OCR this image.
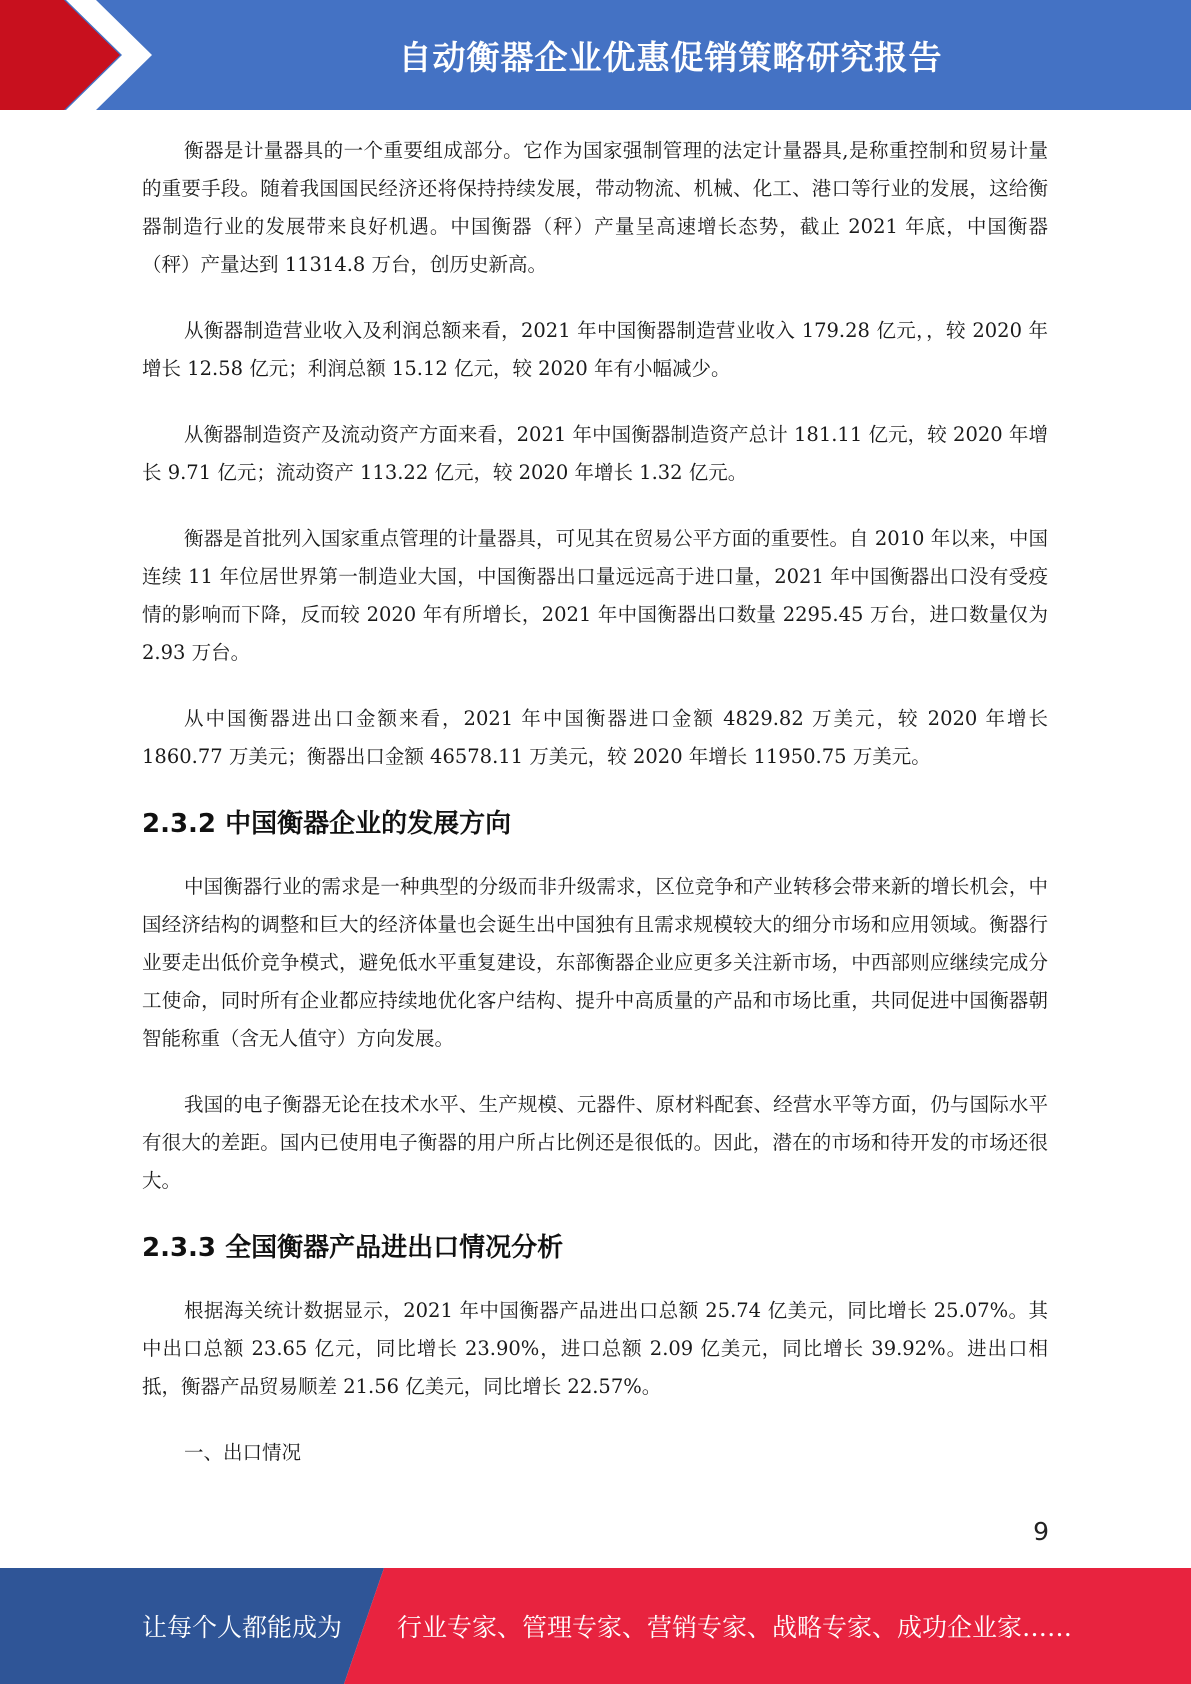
自动衡器企业优惠促销策略研究报告

衡器是计量器具的一个重要组成部分。它作为国家强制管理的法定计量器具,是称重控制和贸易计量的重要手段。随着我国国民经济还将保持持续发展，带动物流、机械、化工、港口等行业的发展，这给衡器制造行业的发展带来良好机遇。中国衡器（秤）产量呈高速增长态势，截止 2021 年底，中国衡器（秤）产量达到 11314.8 万台，创历史新高。

从衡器制造营业收入及利润总额来看，2021 年中国衡器制造营业收入 179.28 亿元，，较 2020 年增长 12.58 亿元；利润总额 15.12 亿元，较 2020 年有小幅减少。

从衡器制造资产及流动资产方面来看，2021 年中国衡器制造资产总计 181.11 亿元，较 2020 年增长 9.71 亿元；流动资产 113.22 亿元，较 2020 年增长 1.32 亿元。

衡器是首批列入国家重点管理的计量器具，可见其在贸易公平方面的重要性。自 2010 年以来，中国连续 11 年位居世界第一制造业大国，中国衡器出口量远远高于进口量，2021 年中国衡器出口没有受疫情的影响而下降，反而较 2020 年有所增长，2021 年中国衡器出口数量 2295.45 万台，进口数量仅为 2.93 万台。

从中国衡器进出口金额来看，2021 年中国衡器进口金额 4829.82 万美元，较 2020 年增长 1860.77 万美元；衡器出口金额 46578.11 万美元，较 2020 年增长 11950.75 万美元。

2.3.2 中国衡器企业的发展方向

中国衡器行业的需求是一种典型的分级而非升级需求，区位竞争和产业转移会带来新的增长机会，中国经济结构的调整和巨大的经济体量也会诞生出中国独有且需求规模较大的细分市场和应用领域。衡器行业要走出低价竞争模式，避免低水平重复建设，东部衡器企业应更多关注新市场，中西部则应继续完成分工使命，同时所有企业都应持续地优化客户结构、提升中高质量的产品和市场比重，共同促进中国衡器朝智能称重（含无人值守）方向发展。

我国的电子衡器无论在技术水平、生产规模、元器件、原材料配套、经营水平等方面，仍与国际水平有很大的差距。国内已使用电子衡器的用户所占比例还是很低的。因此，潜在的市场和待开发的市场还很大。

2.3.3 全国衡器产品进出口情况分析

根据海关统计数据显示，2021 年中国衡器产品进出口总额 25.74 亿美元，同比增长 25.07%。其中出口总额 23.65 亿元，同比增长 23.90%，进口总额 2.09 亿美元，同比增长 39.92%。进出口相抵，衡器产品贸易顺差 21.56 亿美元，同比增长 22.57%。

一、出口情况

9
让每个人都能成为 行业专家、管理专家、营销专家、战略专家、成功企业家……
